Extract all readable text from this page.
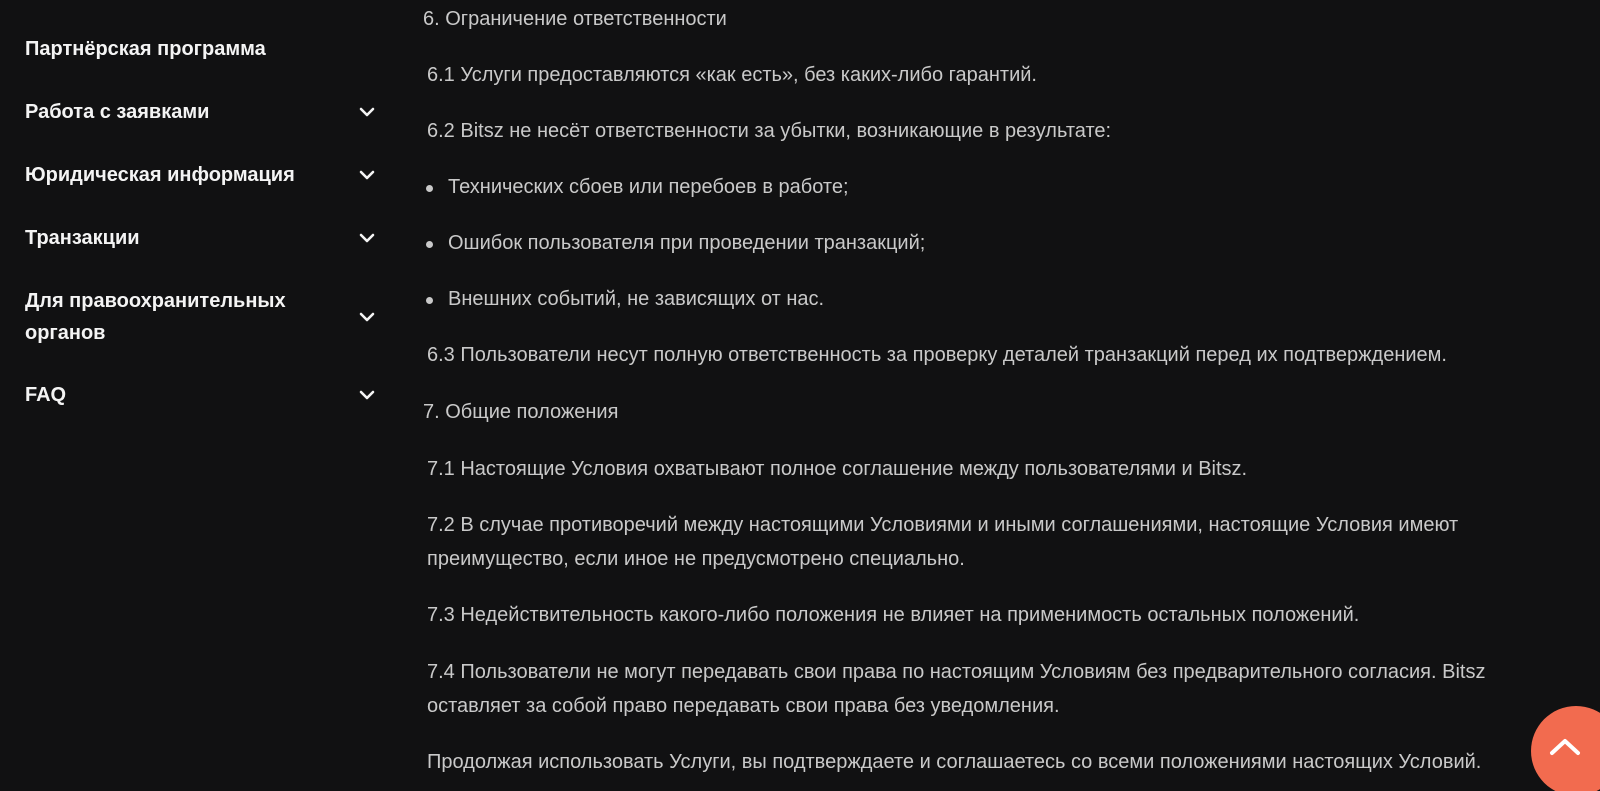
Партнёрская программа
Работа с заявками
Юридическая информация
Транзакции
Для правоохранительных
органов
FAQ
6. Ограничение ответственности
6.1 Услуги предоставляются «как есть», без каких-либо гарантий.
6.2 Bitsz не несёт ответственности за убытки, возникающие в результате:
Технических сбоев или перебоев в работе;
Ошибок пользователя при проведении транзакций;
Внешних событий, не зависящих от нас.
6.3 Пользователи несут полную ответственность за проверку деталей транзакций перед их подтверждением.
7. Общие положения
7.1 Настоящие Условия охватывают полное соглашение между пользователями и Bitsz.
7.2 В случае противоречий между настоящими Условиями и иными соглашениями, настоящие Условия имеют
преимущество, если иное не предусмотрено специально.
7.3 Недействительность какого-либо положения не влияет на применимость остальных положений.
7.4 Пользователи не могут передавать свои права по настоящим Условиям без предварительного согласия. Bitsz
оставляет за собой право передавать свои права без уведомления.
Продолжая использовать Услуги, вы подтверждаете и соглашаетесь со всеми положениями настоящих Условий.
